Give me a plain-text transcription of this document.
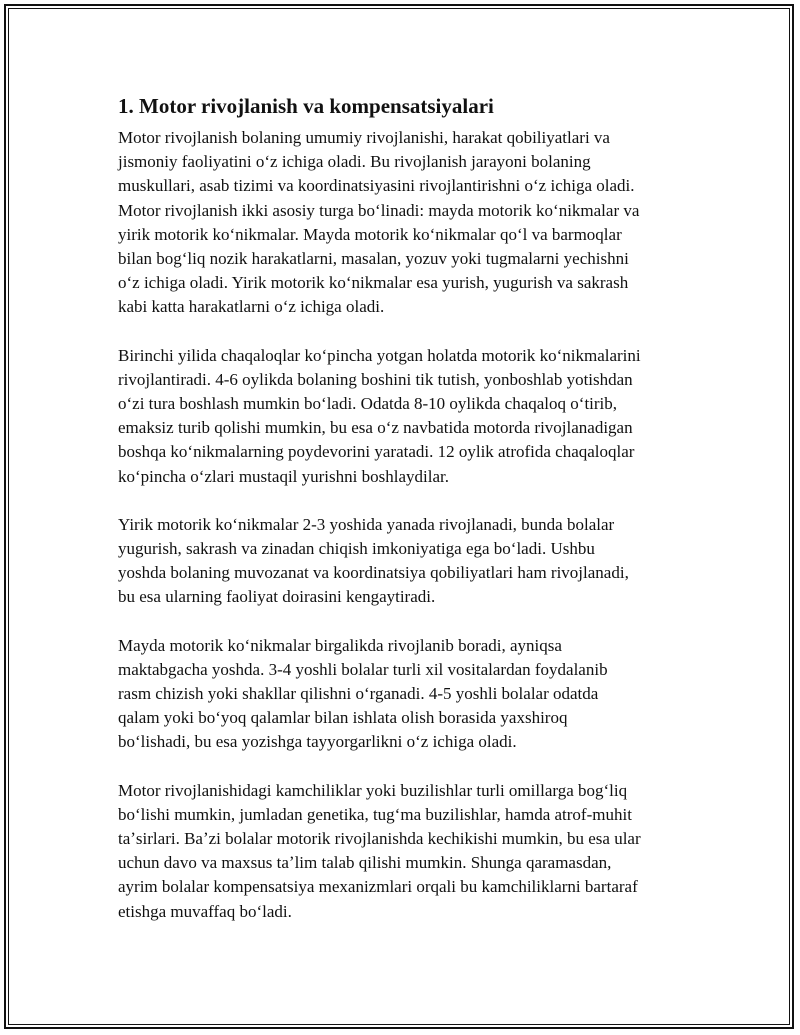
1. Motor rivojlanish va kompensatsiyalari
Motor rivojlanish bolaning umumiy rivojlanishi, harakat qobiliyatlari va
jismoniy faoliyatini oʻz ichiga oladi. Bu rivojlanish jarayoni bolaning
muskullari, asab tizimi va koordinatsiyasini rivojlantirishni oʻz ichiga oladi.
Motor rivojlanish ikki asosiy turga boʻlinadi: mayda motorik koʻnikmalar va
yirik motorik koʻnikmalar. Mayda motorik koʻnikmalar qoʻl va barmoqlar
bilan bogʻliq nozik harakatlarni, masalan, yozuv yoki tugmalarni yechishni
oʻz ichiga oladi. Yirik motorik koʻnikmalar esa yurish, yugurish va sakrash
kabi katta harakatlarni oʻz ichiga oladi.
Birinchi yilida chaqaloqlar koʻpincha yotgan holatda motorik koʻnikmalarini
rivojlantiradi. 4-6 oylikda bolaning boshini tik tutish, yonboshlab yotishdan
oʻzi tura boshlash mumkin boʻladi. Odatda 8-10 oylikda chaqaloq oʻtirib,
emaksiz turib qolishi mumkin, bu esa oʻz navbatida motorda rivojlanadigan
boshqa koʻnikmalarning poydevorini yaratadi. 12 oylik atrofida chaqaloqlar
koʻpincha oʻzlari mustaqil yurishni boshlaydilar.
Yirik motorik koʻnikmalar 2-3 yoshida yanada rivojlanadi, bunda bolalar
yugurish, sakrash va zinadan chiqish imkoniyatiga ega boʻladi. Ushbu
yoshda bolaning muvozanat va koordinatsiya qobiliyatlari ham rivojlanadi,
bu esa ularning faoliyat doirasini kengaytiradi.
Mayda motorik koʻnikmalar birgalikda rivojlanib boradi, ayniqsa
maktabgacha yoshda. 3-4 yoshli bolalar turli xil vositalardan foydalanib
rasm chizish yoki shakllar qilishni oʻrganadi. 4-5 yoshli bolalar odatda
qalam yoki boʻyoq qalamlar bilan ishlata olish borasida yaxshiroq
boʻlishadi, bu esa yozishga tayyorgarlikni oʻz ichiga oladi.
Motor rivojlanishidagi kamchiliklar yoki buzilishlar turli omillarga bogʻliq
boʻlishi mumkin, jumladan genetika, tugʻma buzilishlar, hamda atrof-muhit
taʼsirlari. Baʼzi bolalar motorik rivojlanishda kechikishi mumkin, bu esa ular
uchun davo va maxsus taʼlim talab qilishi mumkin. Shunga qaramasdan,
ayrim bolalar kompensatsiya mexanizmlari orqali bu kamchiliklarni bartaraf
etishga muvaffaq boʻladi.
